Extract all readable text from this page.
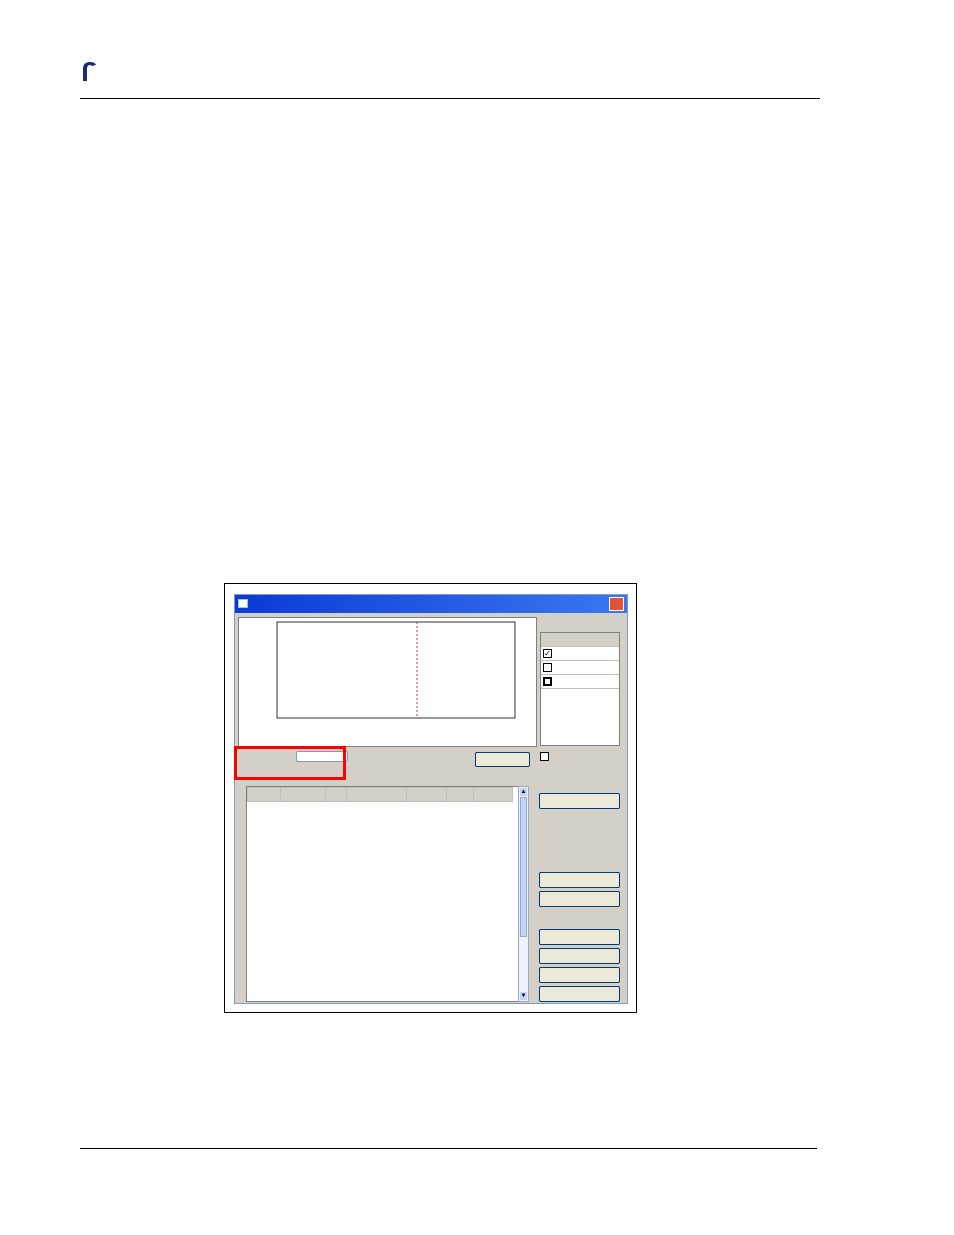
✓

▲
▼
